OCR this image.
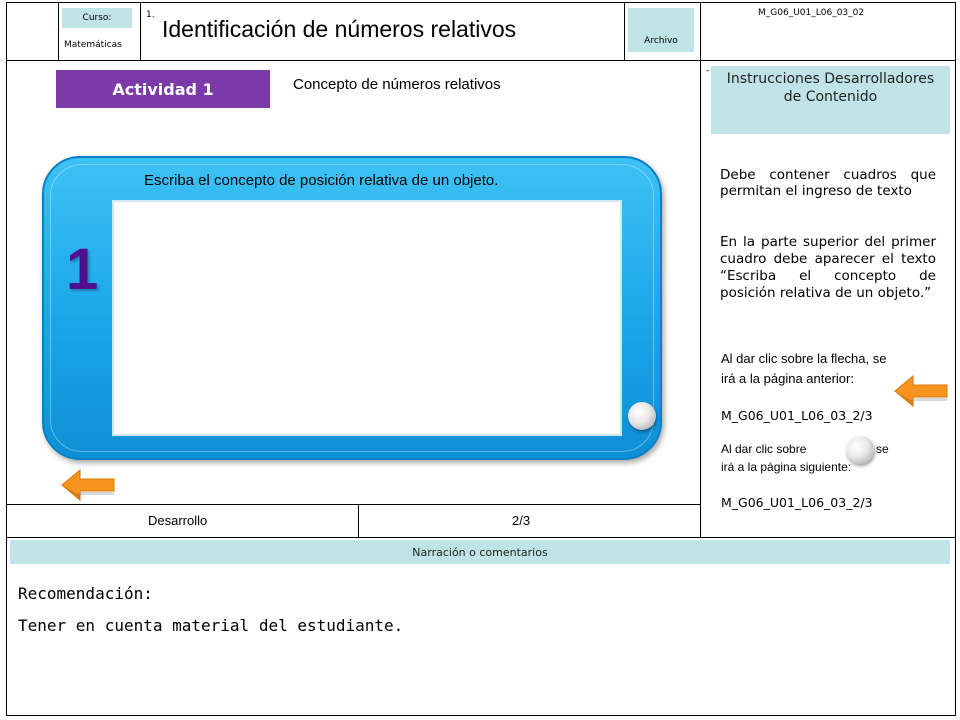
Curso:
Matemáticas
1.
Identificación de números relativos	Archivo
M_G06_U01_L06_03_02
Actividad 1	Concepto de números relativos
-
Escriba el concepto de posición relativa de un objeto.
1
Instrucciones Desarrolladores de Contenido
Debe contener cuadros que permitan el ingreso de texto
En la parte superior del primer cuadro debe aparecer el texto “Escriba el concepto de posición relativa de un objeto.”
Al dar clic sobre la flecha, se
irá a la página anterior:
M_G06_U01_L06_03_2/3
Al dar clic sobre	se
irá a la página siguiente:
M_G06_U01_L06_03_2/3
Desarrollo	2/3
Narración o comentarios
Recomendación:
Tener en cuenta material del estudiante.
